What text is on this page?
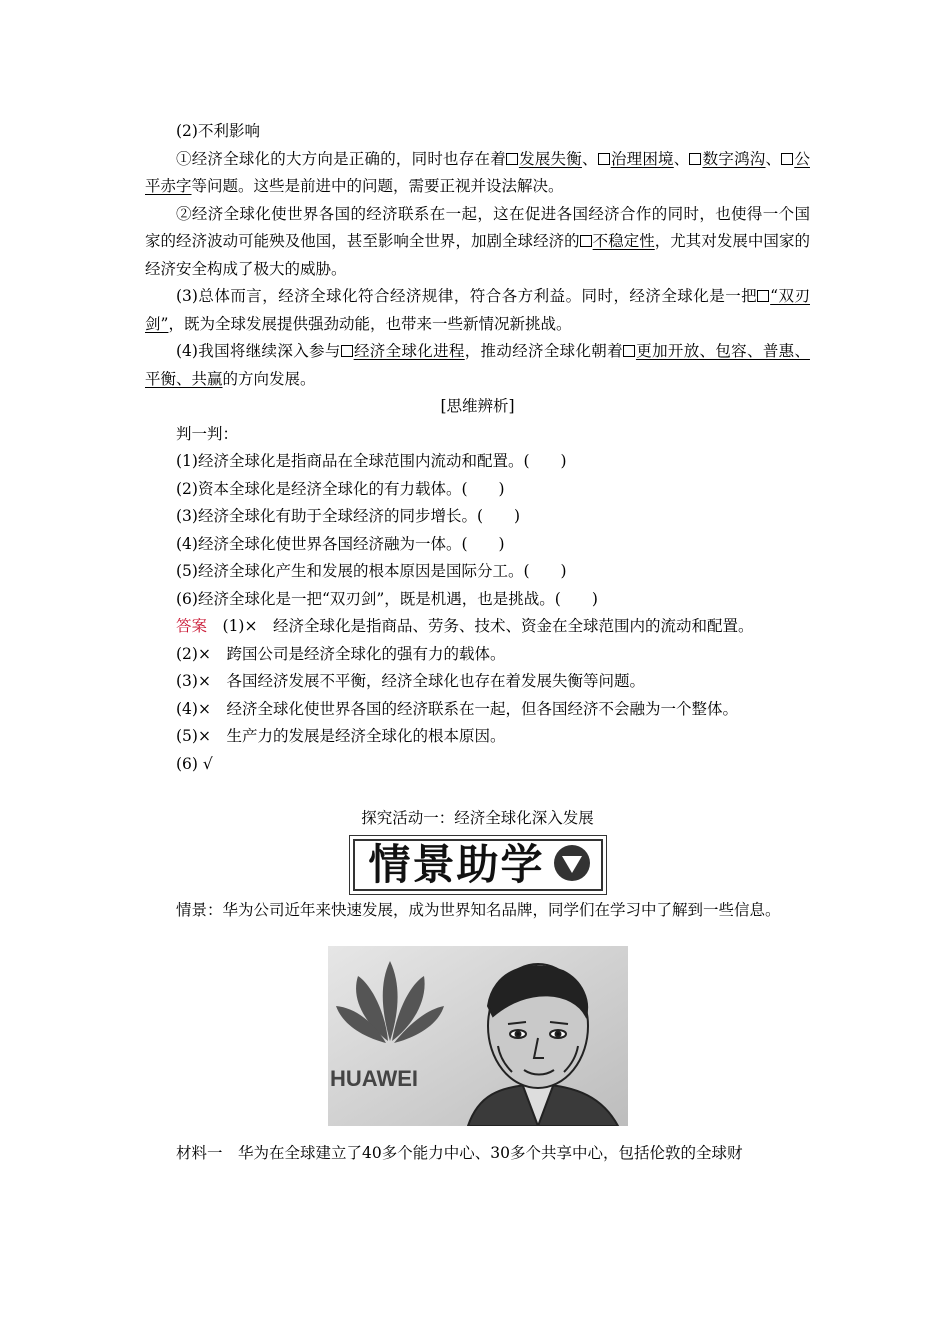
(2)不利影响

①经济全球化的大方向是正确的，同时也存在着 发展失衡、 治理困境、 数字鸿沟、 公平赤字等问题。这些是前进中的问题，需要正视并设法解决。

②经济全球化使世界各国的经济联系在一起，这在促进各国经济合作的同时，也使得一个国家的经济波动可能殃及他国，甚至影响全世界，加剧全球经济的 不稳定性，尤其对发展中国家的经济安全构成了极大的威胁。

(3)总体而言，经济全球化符合经济规律，符合各方利益。同时，经济全球化是一把 “双刃剑”，既为全球发展提供强劲动能，也带来一些新情况新挑战。

(4)我国将继续深入参与 经济全球化进程，推动经济全球化朝着 更加开放、包容、普惠、平衡、共赢的方向发展。

[思维辨析]

判一判：

(1)经济全球化是指商品在全球范围内流动和配置。(　　)

(2)资本全球化是经济全球化的有力载体。(　　)

(3)经济全球化有助于全球经济的同步增长。(　　)

(4)经济全球化使世界各国经济融为一体。(　　)

(5)经济全球化产生和发展的根本原因是国际分工。(　　)

(6)经济全球化是一把“双刃剑”，既是机遇，也是挑战。(　　)

答案　(1)×　经济全球化是指商品、劳务、技术、资金在全球范围内的流动和配置。

(2)×　跨国公司是经济全球化的强有力的载体。

(3)×　各国经济发展不平衡，经济全球化也存在着发展失衡等问题。

(4)×　经济全球化使世界各国的经济联系在一起，但各国经济不会融为一个整体。

(5)×　生产力的发展是经济全球化的根本原因。

(6) √

探究活动一：经济全球化深入发展

情景助学

情景：华为公司近年来快速发展，成为世界知名品牌，同学们在学习中了解到一些信息。

HUAWEI

材料一　华为在全球建立了40多个能力中心、30多个共享中心，包括伦敦的全球财
